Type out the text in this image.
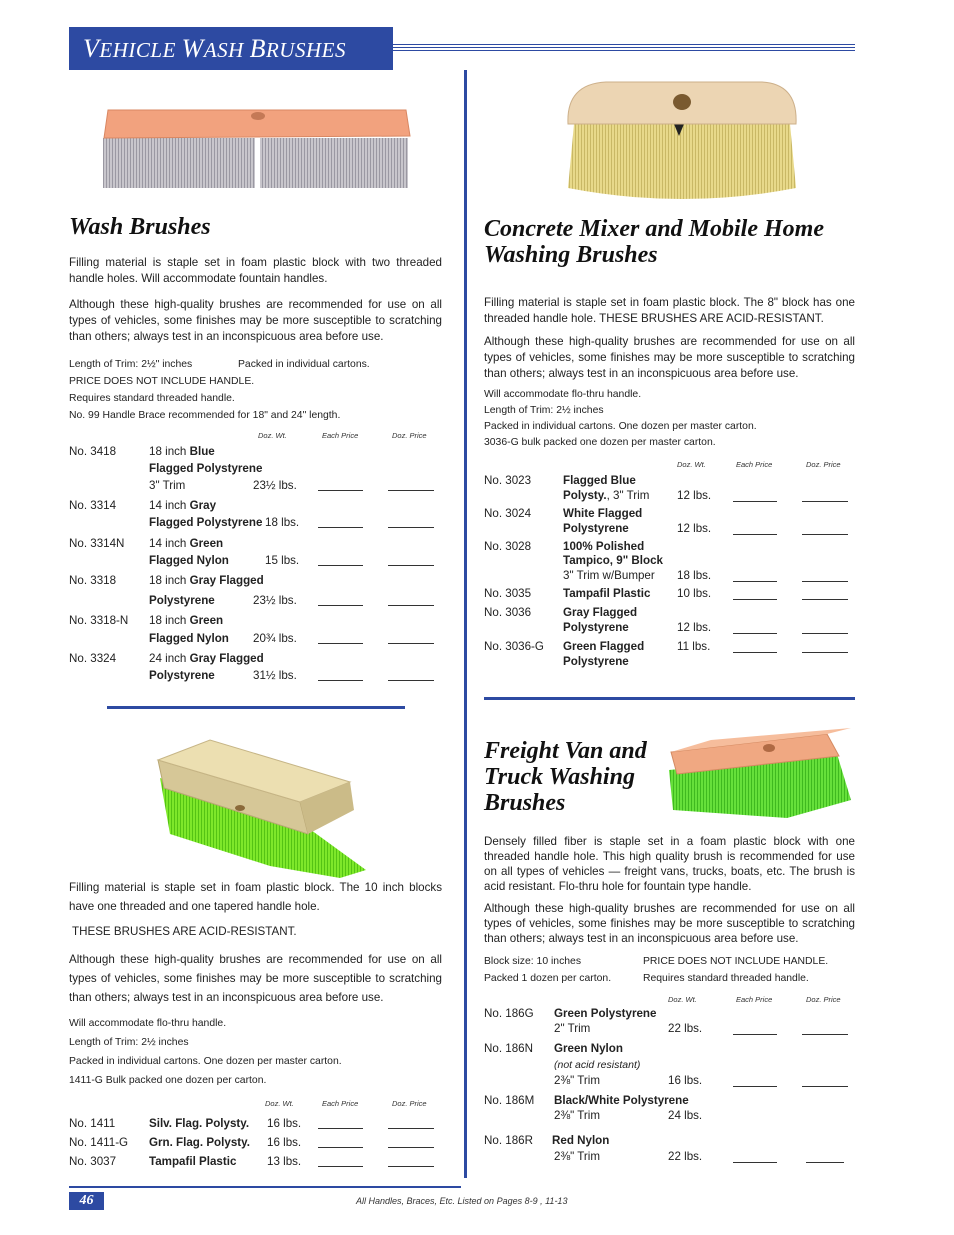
VEHICLE WASH BRUSHES
Wash Brushes
Filling material is staple set in foam plastic block with two threaded handle holes. Will accommodate fountain handles.
Although these high-quality brushes are recommended for use on all types of vehicles, some finishes may be more susceptible to scratching than others; always test in an inconspicuous area before use.
Length of Trim: 2½" inches	Packed in individual cartons.
PRICE DOES NOT INCLUDE HANDLE.
Requires standard threaded handle.
No. 99 Handle Brace recommended for 18" and 24" length.
Doz. Wt.	Each Price	Doz. Price
No. 3418	18 inch Blue
Flagged Polystyrene
3" Trim	23½ lbs.
No. 3314	14 inch Gray
Flagged Polystyrene 18 lbs.
No. 3314N 14 inch Green
Flagged Nylon	15 lbs.
No. 3318	18 inch Gray Flagged
Polystyrene	23½ lbs.
No. 3318-N 18 inch Green
Flagged Nylon 20¾ lbs.
No. 3324	24 inch Gray Flagged
Polystyrene	31½ lbs.
Filling material is staple set in foam plastic block. The 10 inch blocks have one threaded and one tapered handle hole.
THESE BRUSHES ARE ACID-RESISTANT.
Although these high-quality brushes are recommended for use on all types of vehicles, some finishes may be more susceptible to scratching than others; always test in an inconspicuous area before use.
Will accommodate flo-thru handle.
Length of Trim: 2½ inches
Packed in individual cartons. One dozen per master carton.
1411-G Bulk packed one dozen per carton.
Doz. Wt.	Each Price	Doz. Price
No. 1411	Silv. Flag. Polysty. 16 lbs.
No. 1411-G Grn. Flag. Polysty. 16 lbs.
No. 3037	Tampafil Plastic	13 lbs.
Concrete Mixer and Mobile Home
Washing Brushes
Filling material is staple set in foam plastic block. The 8" block has one threaded handle hole. THESE BRUSHES ARE ACID-RESISTANT.
Although these high-quality brushes are recommended for use on all types of vehicles, some finishes may be more susceptible to scratching than others; always test in an inconspicuous area before use.
Will accommodate flo-thru handle.
Length of Trim: 2½ inches
Packed in individual cartons. One dozen per master carton.
3036-G bulk packed one dozen per master carton.
Doz. Wt.	Each Price	Doz. Price
No. 3023	Flagged Blue
Polysty., 3" Trim 12 lbs.
No. 3024	White Flagged
Polystyrene	12 lbs.
No. 3028	100% Polished
Tampico, 9" Block
3" Trim w/Bumper 18 lbs.
No. 3035	Tampafil Plastic 10 lbs.
No. 3036	Gray Flagged
Polystyrene	12 lbs.
No. 3036-G Green Flagged
Polystyrene
11 lbs.
Freight Van and
Truck Washing
Brushes
Densely filled fiber is staple set in a foam plastic block with one threaded handle hole. This high quality brush is recommended for use on all types of vehicles — freight vans, trucks, boats, etc. The brush is acid resistant. Flo-thru hole for fountain type handle.
Although these high-quality brushes are recommended for use on all types of vehicles, some finishes may be more susceptible to scratching than others; always test in an inconspicuous area before use.
Block size: 10 inches	PRICE DOES NOT INCLUDE HANDLE.
Packed 1 dozen per carton.	Requires standard threaded handle.
Doz. Wt.	Each Price	Doz. Price
No. 186G Green Polystyrene
2" Trim	22 lbs.
No. 186N Green Nylon
(not acid resistant)
2⅜" Trim	16 lbs.
No. 186M Black/White Polystyrene
2⅜" Trim	24 lbs.
No. 186R Red Nylon
2⅜" Trim	22 lbs.
46	All Handles, Braces, Etc. Listed on Pages 8-9 , 11-13
